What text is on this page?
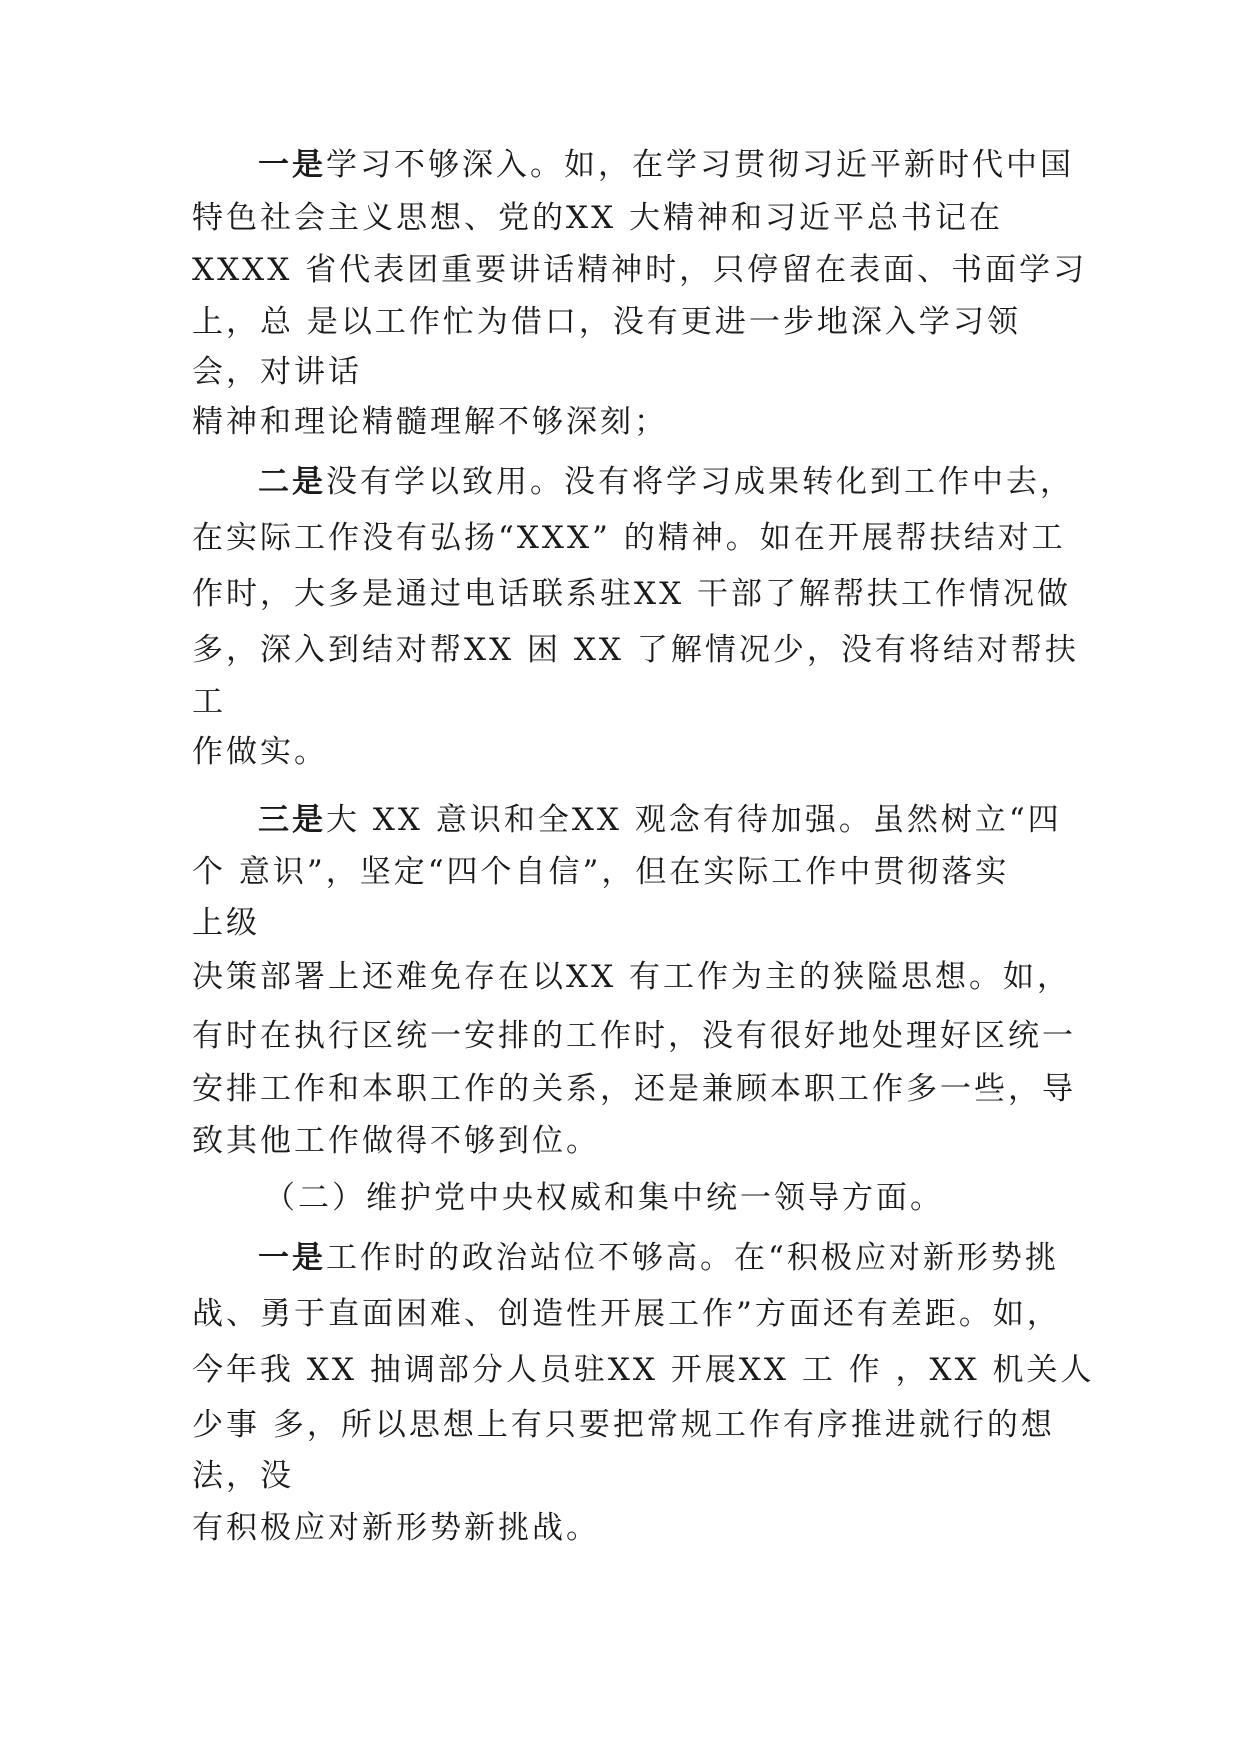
一是学习不够深入。如，在学习贯彻习近平新时代中国
特色社会主义思想、党的XX 大精神和习近平总书记在
XXXX 省代表团重要讲话精神时，只停留在表面、书面学习
上，总 是以工作忙为借口，没有更进一步地深入学习领
会，对讲话
精神和理论精髓理解不够深刻；
二是没有学以致用。没有将学习成果转化到工作中去，
在实际工作没有弘扬“XXX” 的精神。如在开展帮扶结对工
作时，大多是通过电话联系驻XX 干部了解帮扶工作情况做
多，深入到结对帮XX 困 XX 了解情况少，没有将结对帮扶
工
作做实。
三是大 XX 意识和全XX 观念有待加强。虽然树立“四
个 意识”，坚定“四个自信”，但在实际工作中贯彻落实
上级
决策部署上还难免存在以XX 有工作为主的狭隘思想。如，
有时在执行区统一安排的工作时，没有很好地处理好区统一
安排工作和本职工作的关系，还是兼顾本职工作多一些，导
致其他工作做得不够到位。
（二）维护党中央权威和集中统一领导方面。
一是工作时的政治站位不够高。在“积极应对新形势挑
战、勇于直面困难、创造性开展工作”方面还有差距。如，
今年我 XX 抽调部分人员驻XX 开展XX 工 作 ，XX 机关人
少事 多，所以思想上有只要把常规工作有序推进就行的想
法，没
有积极应对新形势新挑战。
